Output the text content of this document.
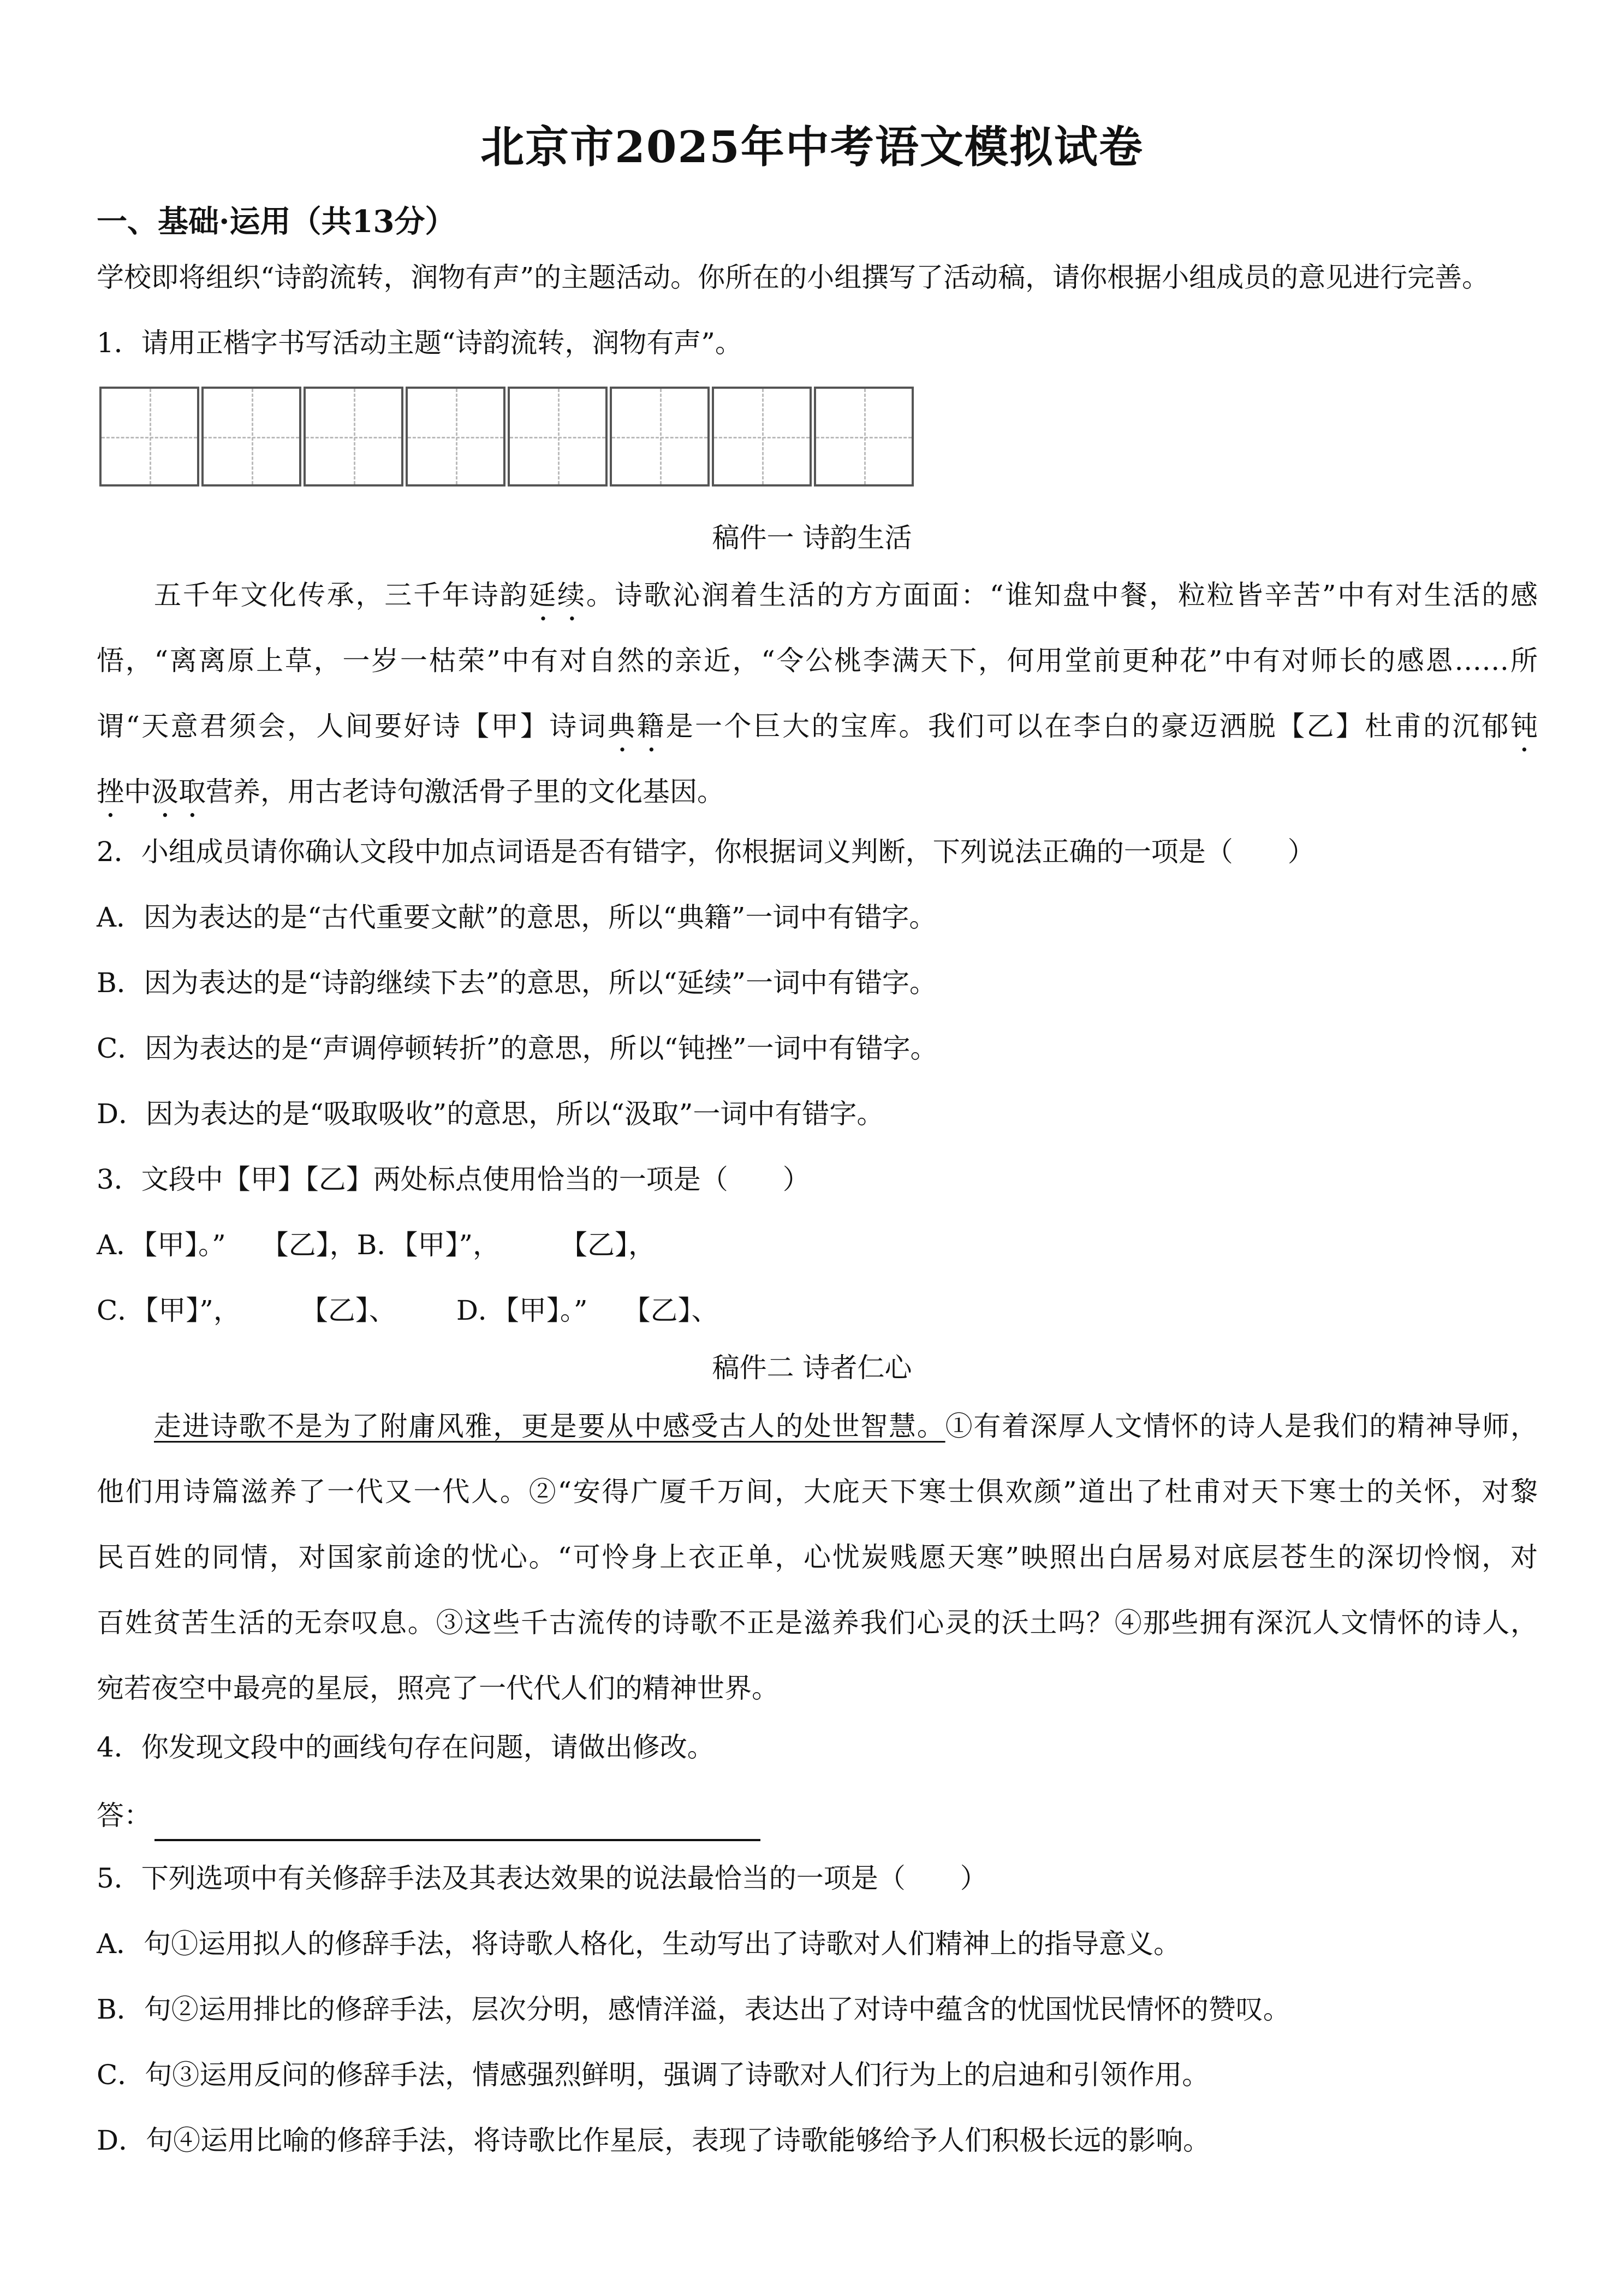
北京市2025年中考语文模拟试卷
一、基础·运用（共13分）
学校即将组织“诗韵流转，润物有声”的主题活动。你所在的小组撰写了活动稿，请你根据小组成员的意见进行完善。
1．请用正楷字书写活动主题“诗韵流转，润物有声”。
稿件一 诗韵生活
五千年文化传承，三千年诗韵延续。诗歌沁润着生活的方方面面：“谁知盘中餐，粒粒皆辛苦”中有对生活的感
悟，“离离原上草，一岁一枯荣”中有对自然的亲近，“令公桃李满天下，何用堂前更种花”中有对师长的感恩……所
谓“天意君须会，人间要好诗【甲】诗词典籍是一个巨大的宝库。我们可以在李白的豪迈洒脱【乙】杜甫的沉郁钝
挫中汲取营养，用古老诗句激活骨子里的文化基因。
2．小组成员请你确认文段中加点词语是否有错字，你根据词义判断，下列说法正确的一项是（　　）
A．因为表达的是“古代重要文献”的意思，所以“典籍”一词中有错字。
B．因为表达的是“诗韵继续下去”的意思，所以“延续”一词中有错字。
C．因为表达的是“声调停顿转折”的意思，所以“钝挫”一词中有错字。
D．因为表达的是“吸取吸收”的意思，所以“汲取”一词中有错字。
3．文段中【甲】【乙】两处标点使用恰当的一项是（　　）
A．【甲】。” 【乙】，B．【甲】”， 【乙】，
C．【甲】”， 【乙】、 D．【甲】。” 【乙】、
稿件二 诗者仁心
走进诗歌不是为了附庸风雅，更是要从中感受古人的处世智慧。①有着深厚人文情怀的诗人是我们的精神导师，
他们用诗篇滋养了一代又一代人。②“安得广厦千万间，大庇天下寒士俱欢颜”道出了杜甫对天下寒士的关怀，对黎
民百姓的同情，对国家前途的忧心。“可怜身上衣正单，心忧炭贱愿天寒”映照出白居易对底层苍生的深切怜悯，对
百姓贫苦生活的无奈叹息。③这些千古流传的诗歌不正是滋养我们心灵的沃土吗？④那些拥有深沉人文情怀的诗人，
宛若夜空中最亮的星辰，照亮了一代代人们的精神世界。
4．你发现文段中的画线句存在问题，请做出修改。
答：
5．下列选项中有关修辞手法及其表达效果的说法最恰当的一项是（　　）
A．句①运用拟人的修辞手法，将诗歌人格化，生动写出了诗歌对人们精神上的指导意义。
B．句②运用排比的修辞手法，层次分明，感情洋溢，表达出了对诗中蕴含的忧国忧民情怀的赞叹。
C．句③运用反问的修辞手法，情感强烈鲜明，强调了诗歌对人们行为上的启迪和引领作用。
D．句④运用比喻的修辞手法，将诗歌比作星辰，表现了诗歌能够给予人们积极长远的影响。
